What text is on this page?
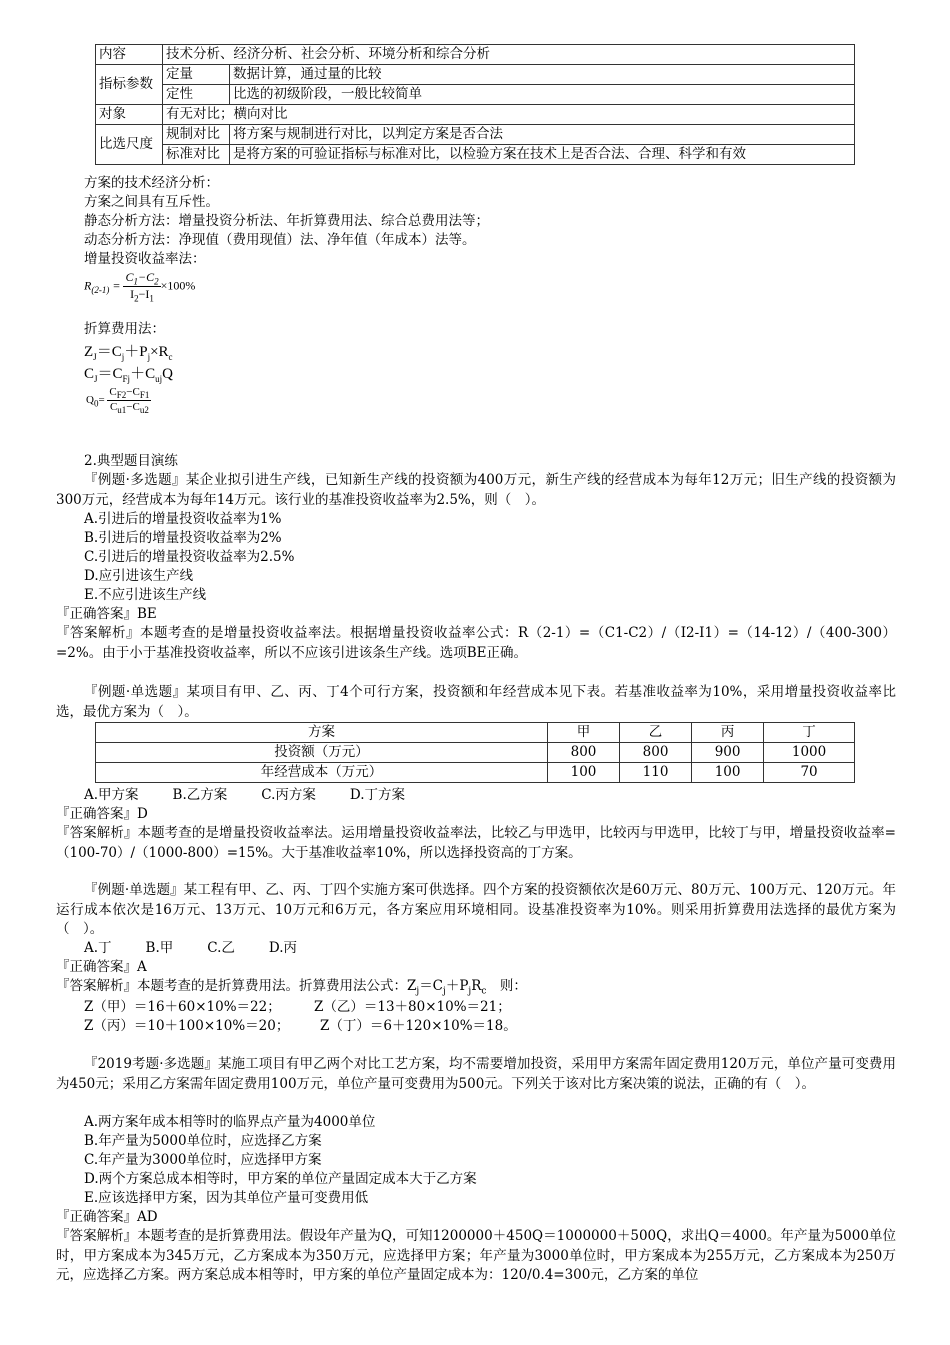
内容	技术分析、经济分析、社会分析、环境分析和综合分析	
指标参数	定量	数据计算，通过量的比较
	定性	比选的初级阶段，一般比较简单
对象	有无对比；横向对比	
比选尺度	规制对比	将方案与规制进行对比，以判定方案是否合法
	标准对比	是将方案的可验证指标与标准对比，以检验方案在技术上是否合法、合理、科学和有效
方案的技术经济分析：
方案之间具有互斥性。
静态分析方法：增量投资分析法、年折算费用法、综合总费用法等；
动态分析方法：净现值（费用现值）法、净年值（年成本）法等。
增量投资收益率法：
$R_{(2-1)} = \frac{C_1-C_2}{I_2-I_1} \times 100\%$
折算费用法：
$Z_J=C_j+P_j\times R_c$
$C_J=C_{Fj}+C_{uj}Q$
$Q_0= \frac{C_{F2}-C_{F1}}{C_{u1}-C_{u2}}$
2.典型题目演练
『例题·多选题』某企业拟引进生产线，已知新生产线的投资额为400万元，新生产线的经营成本为每年12万元；旧生产线的投资额为300万元，经营成本为每年14万元。该行业的基准投资收益率为2.5%，则（　）。
A.引进后的增量投资收益率为1%
B.引进后的增量投资收益率为2%
C.引进后的增量投资收益率为2.5%
D.应引进该生产线
E.不应引进该生产线
『正确答案』BE
『答案解析』本题考查的是增量投资收益率法。根据增量投资收益率公式：R（2-1）=（C1-C2）/（I2-I1）=（14-12）/（400-300）=2%。由于小于基准投资收益率，所以不应该引进该条生产线。选项BE正确。
『例题·单选题』某项目有甲、乙、丙、丁4个可行方案，投资额和年经营成本见下表。若基准收益率为10%，采用增量投资收益率比选，最优方案为（　）。
方案	甲	乙	丙	丁
投资额（万元）	800	800	900	1000
年经营成本（万元）	100	110	100	70
A.甲方案	B.乙方案	C.丙方案	D.丁方案
『正确答案』D
『答案解析』本题考查的是增量投资收益率法。运用增量投资收益率法，比较乙与甲选甲，比较丙与甲选甲，比较丁与甲，增量投资收益率=（100-70）/（1000-800）=15%。大于基准收益率10%，所以选择投资高的丁方案。
『例题·单选题』某工程有甲、乙、丙、丁四个实施方案可供选择。四个方案的投资额依次是60万元、80万元、100万元、120万元。年运行成本依次是16万元、13万元、10万元和6万元，各方案应用环境相同。设基准投资率为10%。则采用折算费用法选择的最优方案为（　）。
A.丁	B.甲	C.乙	D.丙
『正确答案』A
『答案解析』本题考查的是折算费用法。折算费用法公式：$Z_j=C_j+P_jR_c$　则：
Z（甲）＝16＋60×10%＝22； Z（乙）＝13＋80×10%＝21；
Z（丙）＝10＋100×10%＝20； Z（丁）＝6＋120×10%＝18。
『2019考题·多选题』某施工项目有甲乙两个对比工艺方案，均不需要增加投资，采用甲方案需年固定费用120万元，单位产量可变费用为450元；采用乙方案需年固定费用100万元，单位产量可变费用为500元。下列关于该对比方案决策的说法，正确的有（　）。
A.两方案年成本相等时的临界点产量为4000单位
B.年产量为5000单位时，应选择乙方案
C.年产量为3000单位时，应选择甲方案
D.两个方案总成本相等时，甲方案的单位产量固定成本大于乙方案
E.应该选择甲方案，因为其单位产量可变费用低
『正确答案』AD
『答案解析』本题考查的是折算费用法。假设年产量为Q，可知1200000＋450Q＝1000000＋500Q，求出Q＝4000。年产量为5000单位时，甲方案成本为345万元，乙方案成本为350万元，应选择甲方案；年产量为3000单位时，甲方案成本为255万元，乙方案成本为250万元，应选择乙方案。两方案总成本相等时，甲方案的单位产量固定成本为：120/0.4=300元，乙方案的单位
